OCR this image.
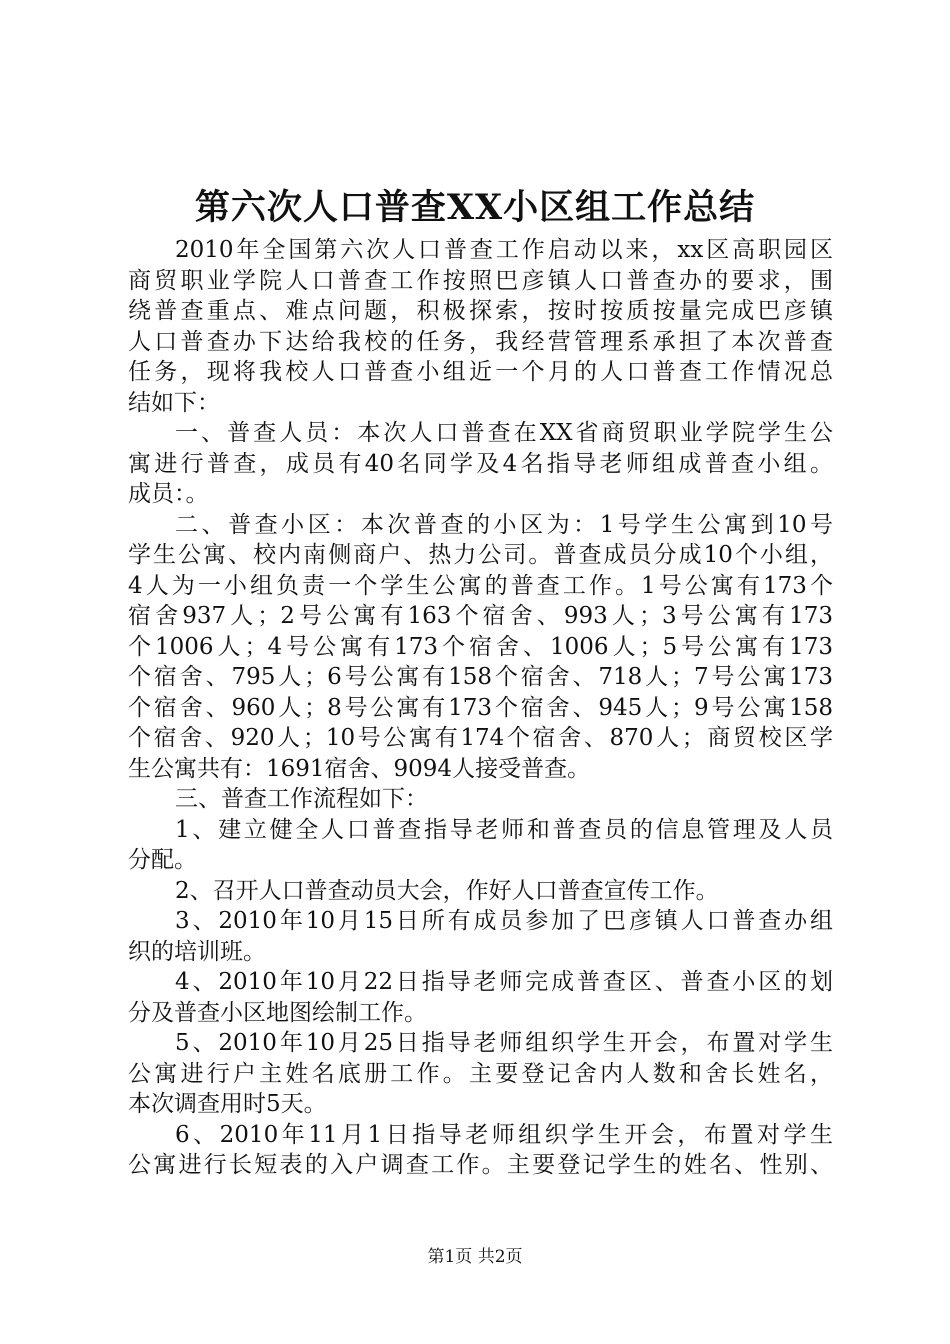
第六次人口普查XX小区组工作总结
2010年全国第六次人口普查工作启动以来，xx区高职园区
商贸职业学院人口普查工作按照巴彦镇人口普查办的要求，围
绕普查重点、难点问题，积极探索，按时按质按量完成巴彦镇
人口普查办下达给我校的任务，我经营管理系承担了本次普查
任务，现将我校人口普查小组近一个月的人口普查工作情况总
结如下：
一、普查人员：本次人口普查在XX省商贸职业学院学生公
寓进行普查，成员有40名同学及4名指导老师组成普查小组。
成员：。
二、普查小区：本次普查的小区为：1号学生公寓到10号
学生公寓、校内南侧商户、热力公司。普查成员分成10个小组，
4人为一小组负责一个学生公寓的普查工作。1号公寓有173个
宿舍937人；2号公寓有163个宿舍、993人；3号公寓有173
个1006人；4号公寓有173个宿舍、1006人；5号公寓有173
个宿舍、795人；6号公寓有158个宿舍、718人；7号公寓173
个宿舍、960人；8号公寓有173个宿舍、945人；9号公寓158
个宿舍、920人；10号公寓有174个宿舍、870人；商贸校区学
生公寓共有：1691宿舍、9094人接受普查。
三、普查工作流程如下：
1、建立健全人口普查指导老师和普查员的信息管理及人员
分配。
2、召开人口普查动员大会，作好人口普查宣传工作。
3、2010年10月15日所有成员参加了巴彦镇人口普查办组
织的培训班。
4、2010年10月22日指导老师完成普查区、普查小区的划
分及普查小区地图绘制工作。
5、2010年10月25日指导老师组织学生开会，布置对学生
公寓进行户主姓名底册工作。主要登记舍内人数和舍长姓名，
本次调查用时5天。
6、2010年11月1日指导老师组织学生开会，布置对学生
公寓进行长短表的入户调查工作。主要登记学生的姓名、性别、
第1页 共2页
